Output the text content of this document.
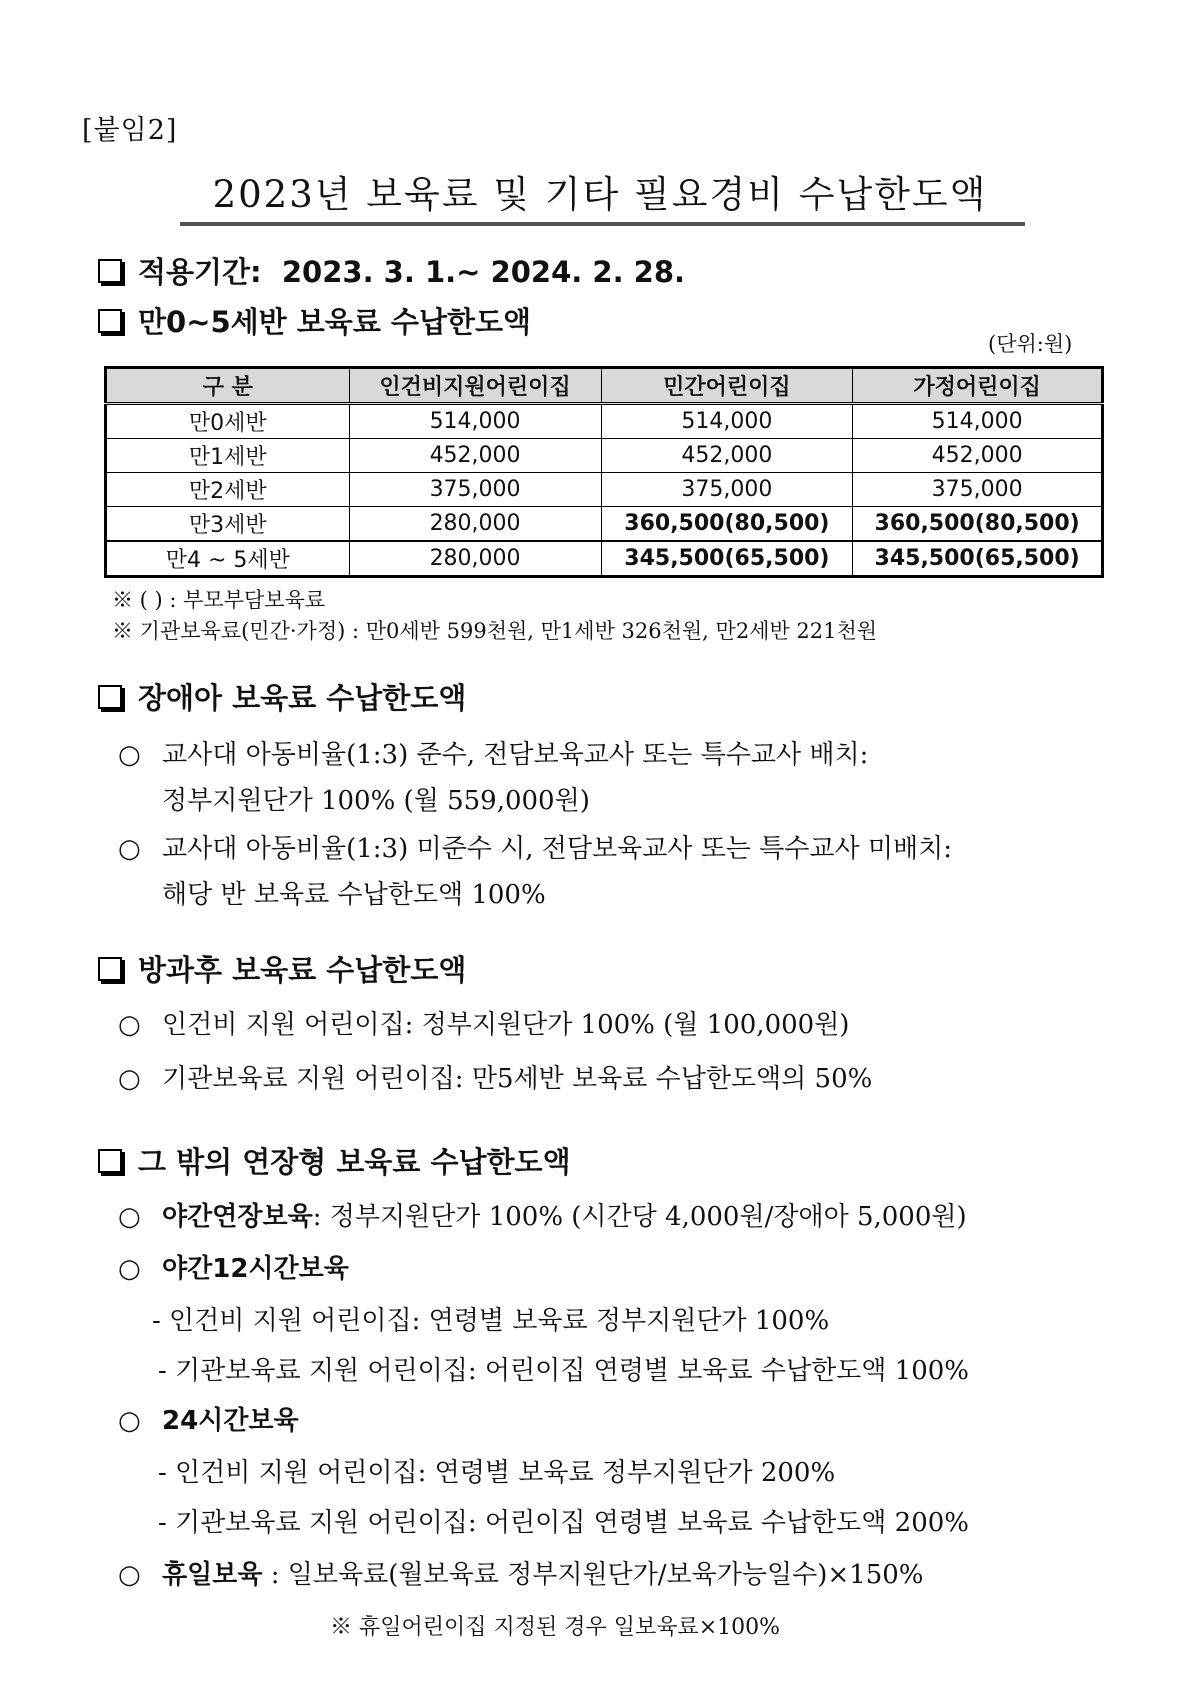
[붙임2]
2023년 보육료 및 기타 필요경비 수납한도액
적용기간: 2023. 3. 1.~ 2024. 2. 28.
만0~5세반 보육료 수납한도액
(단위:원)
구 분	인건비지원어린이집	민간어린이집	가정어린이집
만0세반	514,000	514,000	514,000
만1세반	452,000	452,000	452,000
만2세반	375,000	375,000	375,000
만3세반	280,000	360,500(80,500)	360,500(80,500)
만4 ~ 5세반	280,000	345,500(65,500)	345,500(65,500)
※ ( ) : 부모부담보육료
※ 기관보육료(민간·가정) : 만0세반 599천원, 만1세반 326천원, 만2세반 221천원
장애아 보육료 수납한도액
○ 교사대 아동비율(1:3) 준수, 전담보육교사 또는 특수교사 배치:
정부지원단가 100% (월 559,000원)
○ 교사대 아동비율(1:3) 미준수 시, 전담보육교사 또는 특수교사 미배치:
해당 반 보육료 수납한도액 100%
방과후 보육료 수납한도액
○ 인건비 지원 어린이집: 정부지원단가 100% (월 100,000원)
○ 기관보육료 지원 어린이집: 만5세반 보육료 수납한도액의 50%
그 밖의 연장형 보육료 수납한도액
○ 야간연장보육: 정부지원단가 100% (시간당 4,000원/장애아 5,000원)
○ 야간12시간보육
- 인건비 지원 어린이집: 연령별 보육료 정부지원단가 100%
- 기관보육료 지원 어린이집: 어린이집 연령별 보육료 수납한도액 100%
○ 24시간보육
- 인건비 지원 어린이집: 연령별 보육료 정부지원단가 200%
- 기관보육료 지원 어린이집: 어린이집 연령별 보육료 수납한도액 200%
○ 휴일보육 : 일보육료(월보육료 정부지원단가/보육가능일수)×150%
※ 휴일어린이집 지정된 경우 일보육료×100%
